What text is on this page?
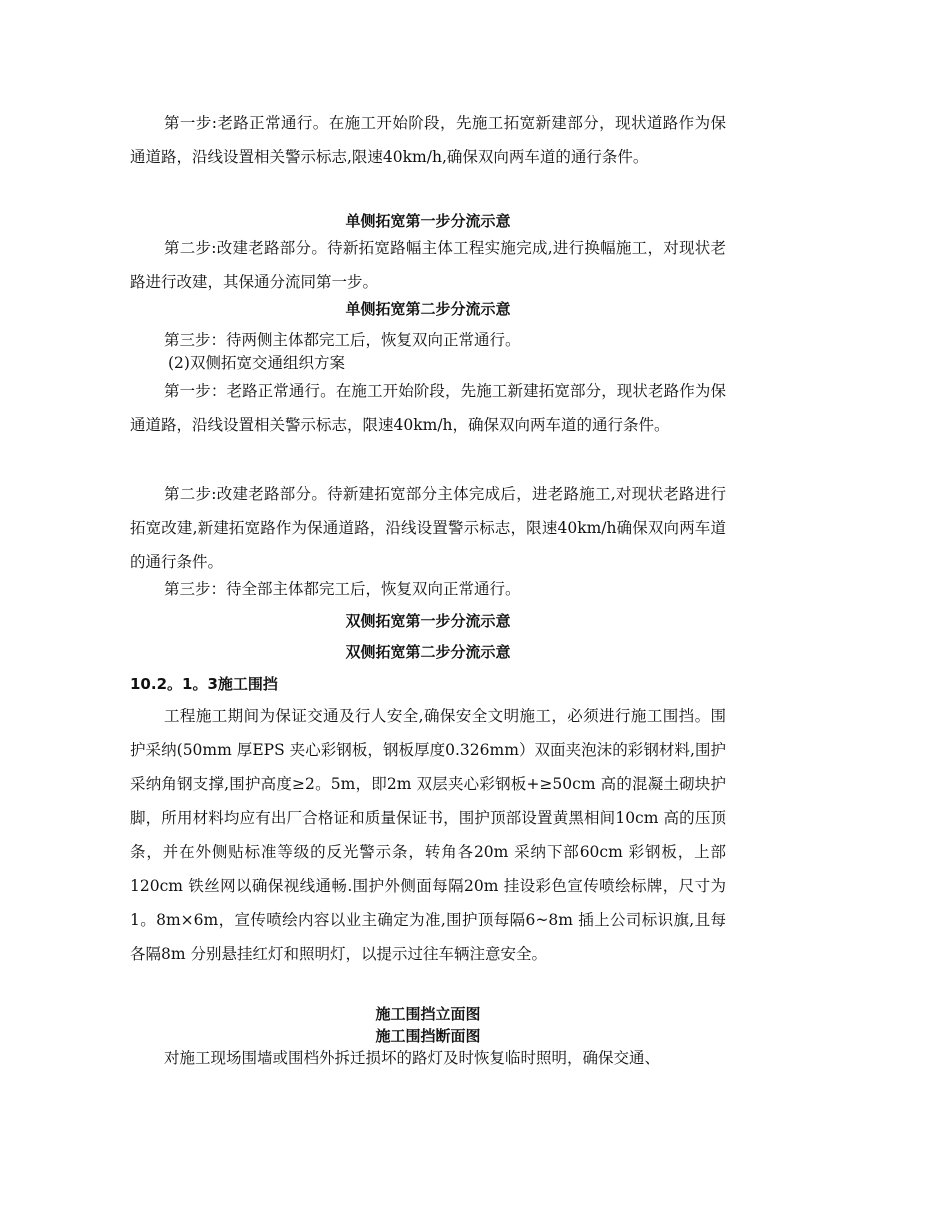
第一步:老路正常通行。在施工开始阶段，先施工拓宽新建部分，现状道路作为保通道路，沿线设置相关警示标志,限速40km/h,确保双向两车道的通行条件。
单侧拓宽第一步分流示意
第二步:改建老路部分。待新拓宽路幅主体工程实施完成,进行换幅施工，对现状老路进行改建，其保通分流同第一步。
单侧拓宽第二步分流示意
第三步：待两侧主体都完工后，恢复双向正常通行。
(2)双侧拓宽交通组织方案
第一步：老路正常通行。在施工开始阶段，先施工新建拓宽部分，现状老路作为保通道路，沿线设置相关警示标志，限速40km/h，确保双向两车道的通行条件。
第二步:改建老路部分。待新建拓宽部分主体完成后，进老路施工,对现状老路进行拓宽改建,新建拓宽路作为保通道路，沿线设置警示标志，限速40km/h确保双向两车道的通行条件。
第三步：待全部主体都完工后，恢复双向正常通行。
双侧拓宽第一步分流示意
双侧拓宽第二步分流示意
10.2。1。3施工围挡
工程施工期间为保证交通及行人安全,确保安全文明施工，必须进行施工围挡。围护采纳(50mm 厚EPS 夹心彩钢板，钢板厚度0.326mm）双面夹泡沫的彩钢材料,围护采纳角钢支撑,围护高度≥2。5m，即2m 双层夹心彩钢板+≥50cm 高的混凝土砌块护脚，所用材料均应有出厂合格证和质量保证书，围护顶部设置黄黑相间10cm 高的压顶条，并在外侧贴标准等级的反光警示条，转角各20m 采纳下部60cm 彩钢板，上部120cm 铁丝网以确保视线通畅.围护外侧面每隔20m 挂设彩色宣传喷绘标牌，尺寸为1。8m×6m，宣传喷绘内容以业主确定为准,围护顶每隔6~8m 插上公司标识旗,且每各隔8m 分别悬挂红灯和照明灯，以提示过往车辆注意安全。
施工围挡立面图
施工围挡断面图
对施工现场围墙或围档外拆迁损坏的路灯及时恢复临时照明，确保交通、
